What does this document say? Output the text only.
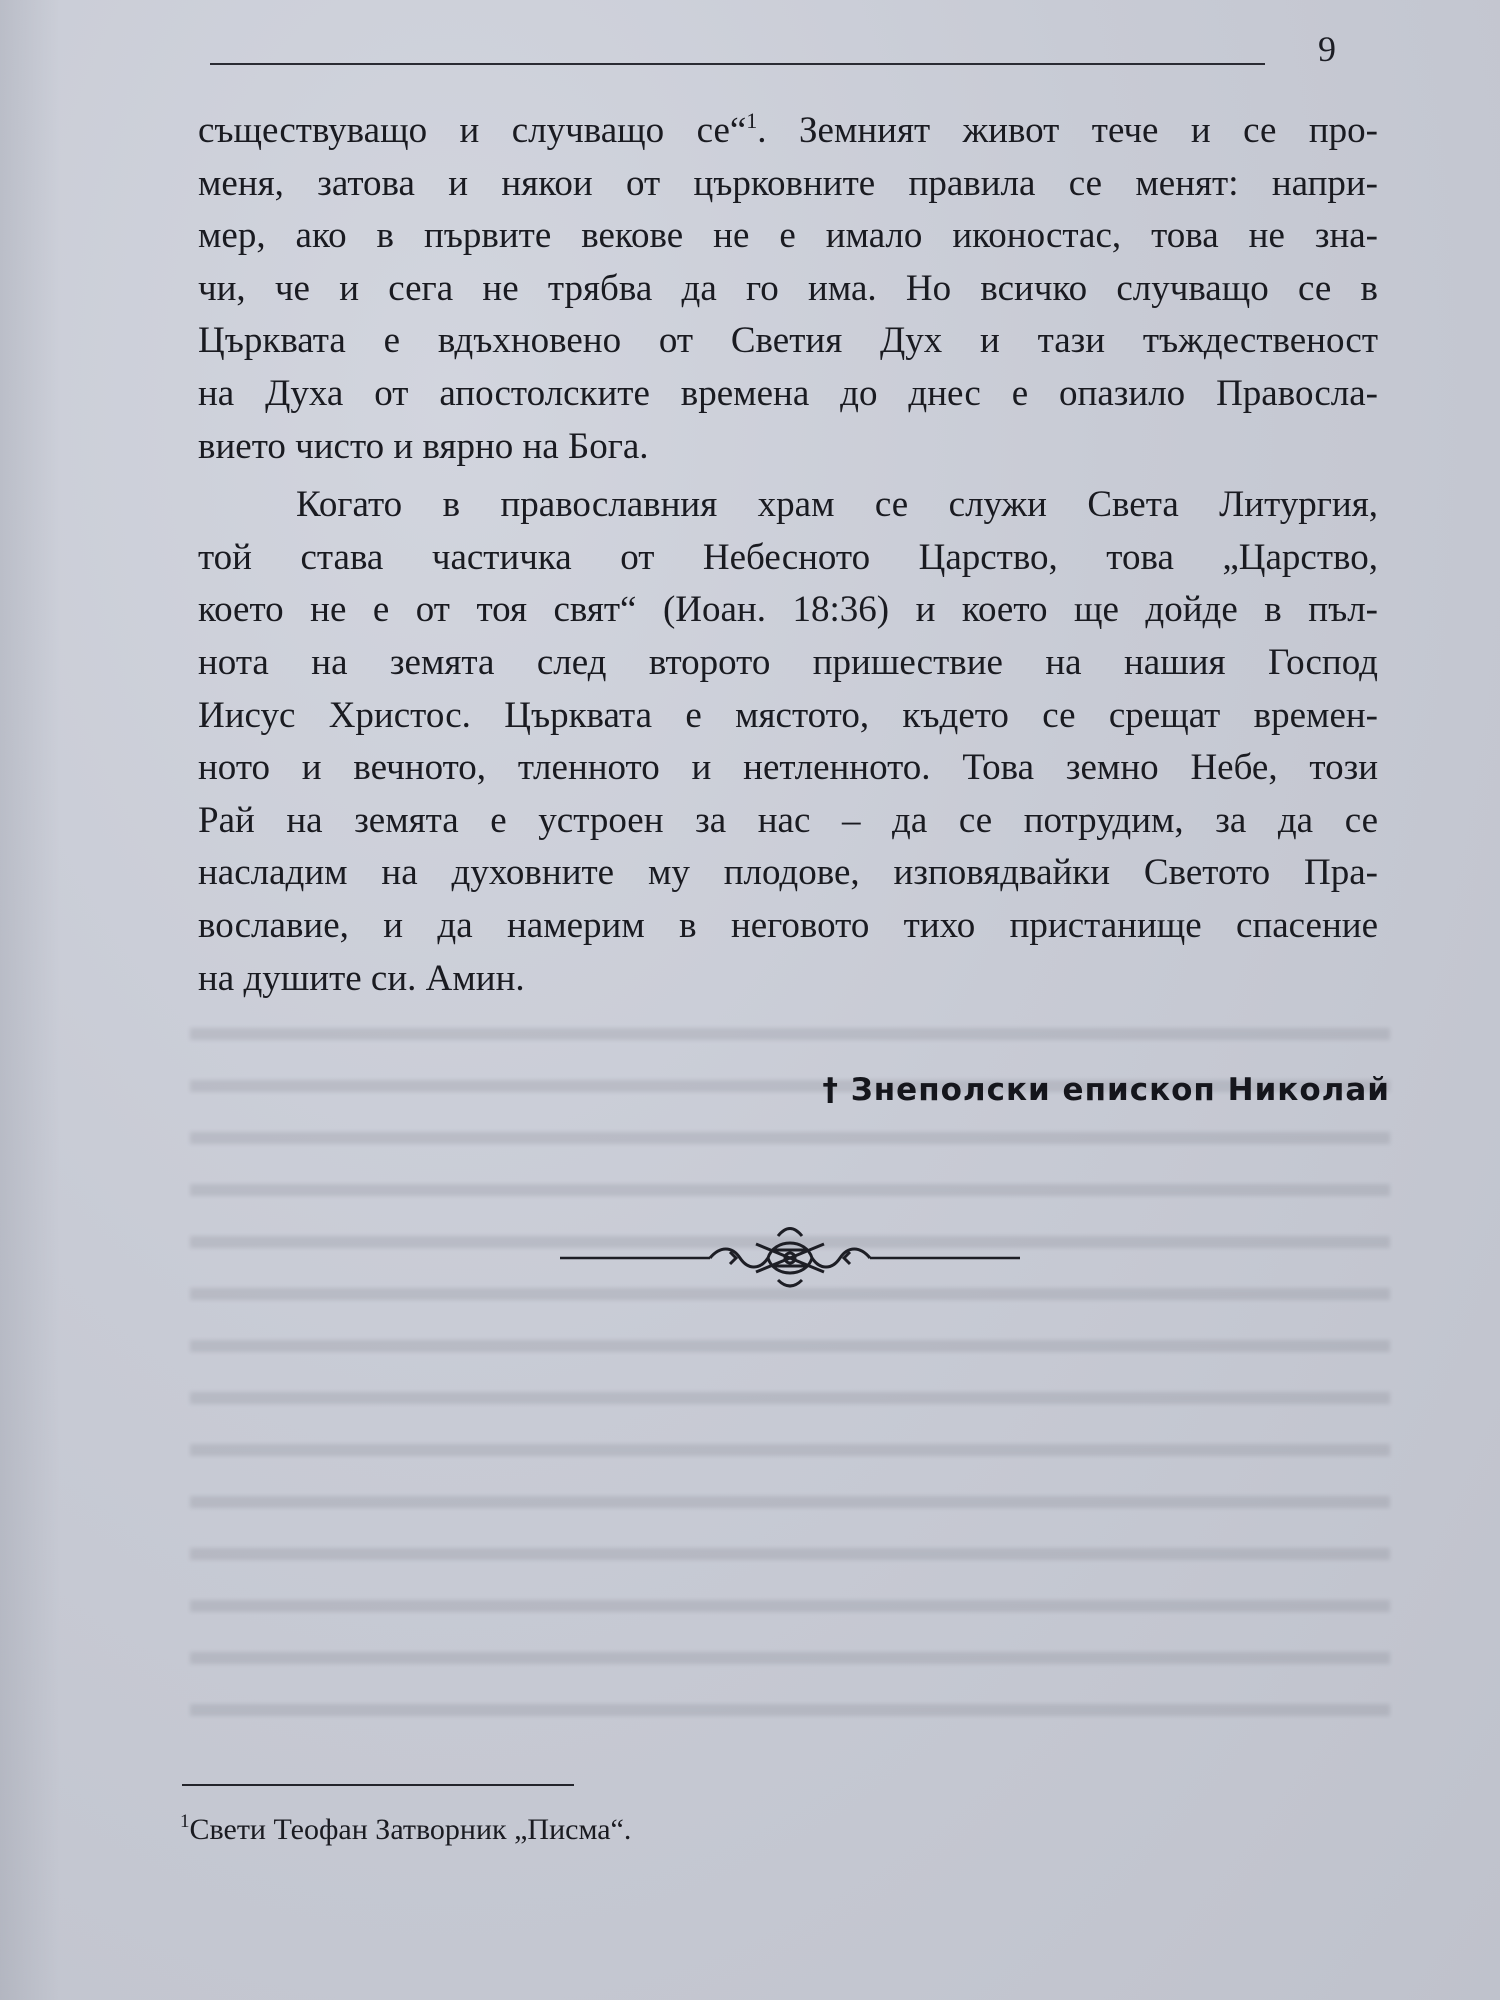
9
съществуващо и случващо се“$^1$. Земният живот тече и се про-
меня, затова и някои от църковните правила се менят: напри-
мер, ако в първите векове не е имало иконостас, това не зна-
чи, че и сега не трябва да го има. Но всичко случващо се в
Църквата е вдъхновено от Светия Дух и тази тъждественост
на Духа от апостолските времена до днес е опазило Правосла-
вието чисто и вярно на Бога.
Когато в православния храм се служи Света Литургия,
той става частичка от Небесното Царство, това „Царство,
което не е от тоя свят“ (Иоан. 18:36) и което ще дойде в пъл-
нота на земята след второто пришествие на нашия Господ
Иисус Христос. Църквата е мястото, където се срещат времен-
ното и вечното, тленното и нетленното. Това земно Небе, този
Рай на земята е устроен за нас – да се потрудим, за да се
насладим на духовните му плодове, изповядвайки Светото Пра-
вославие, и да намерим в неговото тихо пристанище спасение
на душите си. Амин.
† Знеполски епископ Николай
$^1$Свети Теофан Затворник „Писма“.
